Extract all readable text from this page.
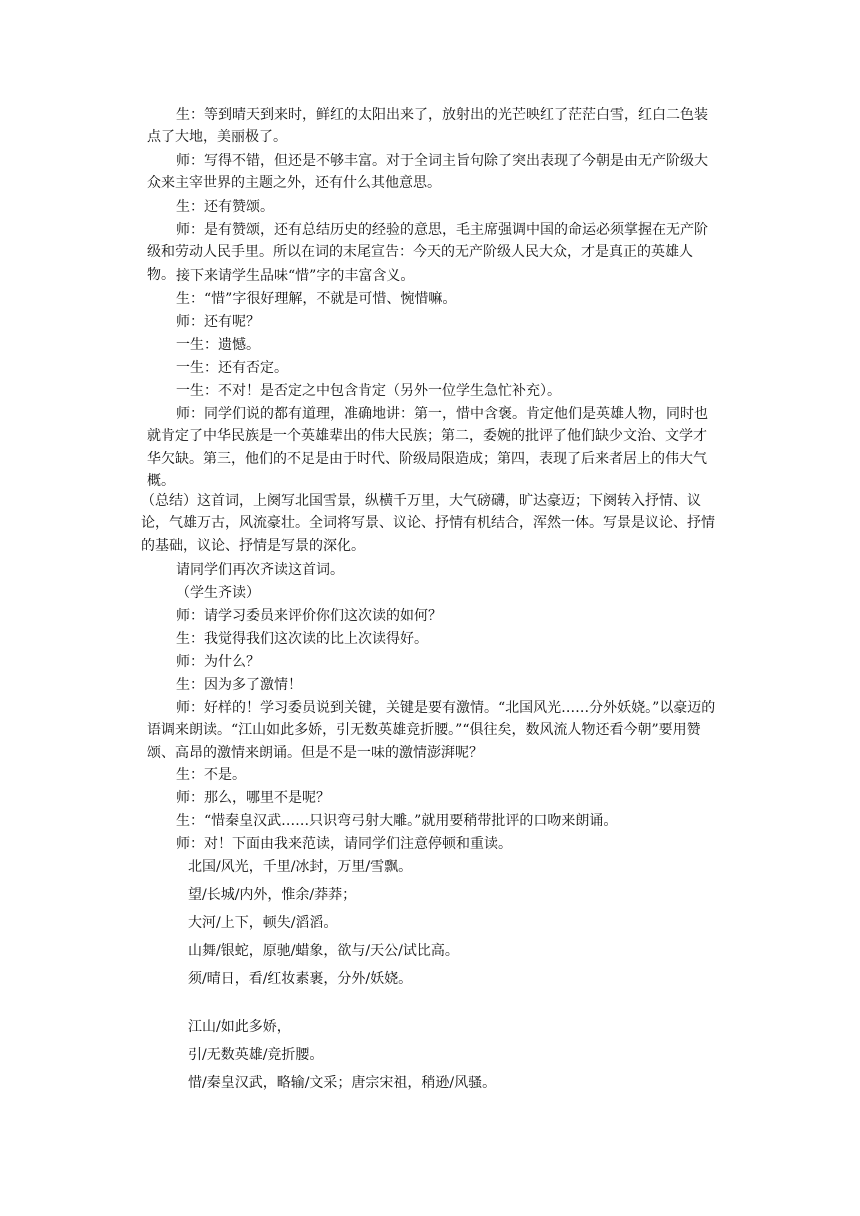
生：等到晴天到来时，鲜红的太阳出来了，放射出的光芒映红了茫茫白雪，红白二色装点了大地，美丽极了。

师：写得不错，但还是不够丰富。对于全词主旨句除了突出表现了今朝是由无产阶级大众来主宰世界的主题之外，还有什么其他意思。

生：还有赞颂。

师：是有赞颂，还有总结历史的经验的意思，毛主席强调中国的命运必须掌握在无产阶级和劳动人民手里。所以在词的末尾宣告：今天的无产阶级人民大众，才是真正的英雄人物。 接下来请学生品味“惜”字的丰富含义。

生：“惜”字很好理解，不就是可惜、惋惜嘛。

师：还有呢？

一生：遗憾。

一生：还有否定。

一生：不对！是否定之中包含肯定（另外一位学生急忙补充）。

师：同学们说的都有道理，准确地讲：第一，惜中含褒。肯定他们是英雄人物，同时也就肯定了中华民族是一个英雄辈出的伟大民族；第二，委婉的批评了他们缺少文治、文学才华欠缺。第三，他们的不足是由于时代、阶级局限造成；第四，表现了后来者居上的伟大气概。

（总结）这首词，上阕写北国雪景，纵横千万里，大气磅礴，旷达豪迈；下阕转入抒情、议论，气雄万古，风流豪壮。全词将写景、议论、抒情有机结合，浑然一体。写景是议论、抒情的基础，议论、抒情是写景的深化。

请同学们再次齐读这首词。

（学生齐读）

师：请学习委员来评价你们这次读的如何？

生：我觉得我们这次读的比上次读得好。

师：为什么？

生：因为多了激情！

师：好样的！学习委员说到关键，关键是要有激情。“北国风光……分外妖娆。”以豪迈的语调来朗读。“江山如此多娇，引无数英雄竞折腰。”“俱往矣，数风流人物还看今朝”要用赞颂、高昂的激情来朗诵。但是不是一味的激情澎湃呢？

生：不是。

师：那么，哪里不是呢？

生：“惜秦皇汉武……只识弯弓射大雕。”就用要稍带批评的口吻来朗诵。

师：对！下面由我来范读，请同学们注意停顿和重读。

北国/风光，千里/冰封，万里/雪飘。

望/长城/内外，惟余/莽莽；

大河/上下，顿失/滔滔。

山舞/银蛇，原驰/蜡象，欲与/天公/试比高。

须/晴日，看/红妆素裹，分外/妖娆。

江山/如此多娇，

引/无数英雄/竞折腰。

惜/秦皇汉武，略输/文采；唐宗宋祖，稍逊/风骚。
